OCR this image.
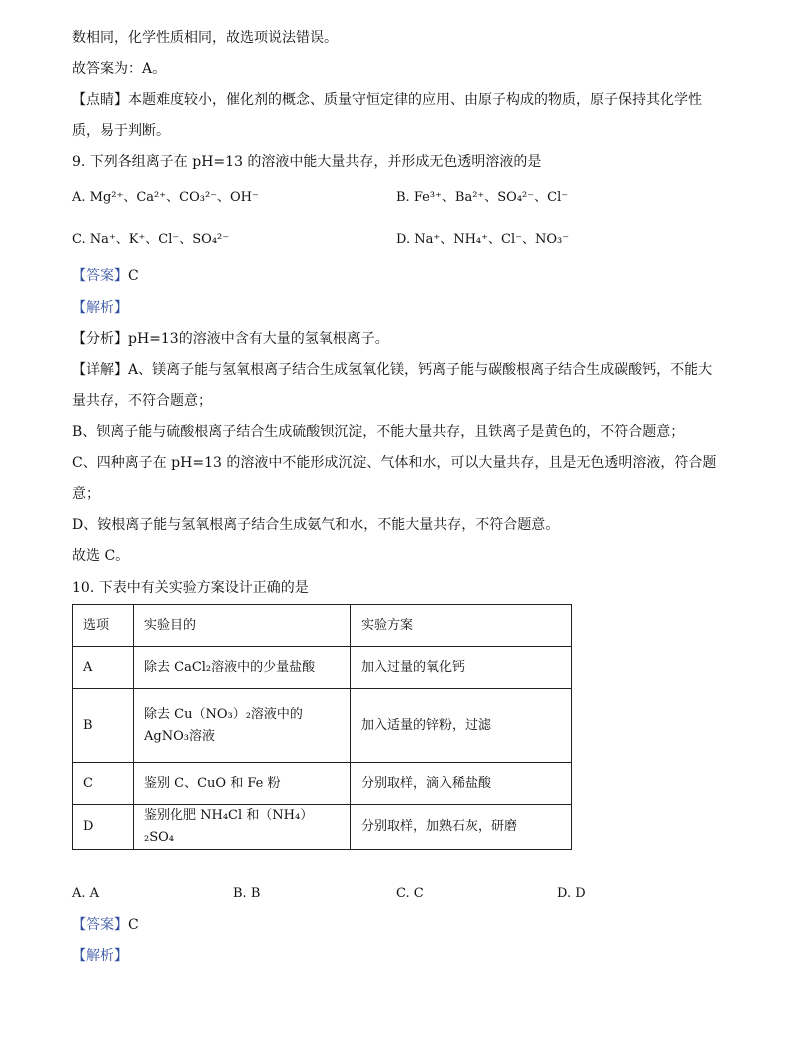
数相同，化学性质相同，故选项说法错误。
故答案为：A。
【点睛】本题难度较小，催化剂的概念、质量守恒定律的应用、由原子构成的物质，原子保持其化学性
质，易于判断。
9. 下列各组离子在 pH=13 的溶液中能大量共存，并形成无色透明溶液的是
A. Mg²⁺、Ca²⁺、CO₃²⁻、OH⁻	B. Fe³⁺、Ba²⁺、SO₄²⁻、Cl⁻
C. Na⁺、K⁺、Cl⁻、SO₄²⁻	D. Na⁺、NH₄⁺、Cl⁻、NO₃⁻
【答案】C
【解析】
【分析】pH=13的溶液中含有大量的氢氧根离子。
【详解】A、镁离子能与氢氧根离子结合生成氢氧化镁，钙离子能与碳酸根离子结合生成碳酸钙，不能大
量共存，不符合题意；
B、钡离子能与硫酸根离子结合生成硫酸钡沉淀，不能大量共存，且铁离子是黄色的，不符合题意；
C、四种离子在 pH=13 的溶液中不能形成沉淀、气体和水，可以大量共存，且是无色透明溶液，符合题
意；
D、铵根离子能与氢氧根离子结合生成氨气和水，不能大量共存，不符合题意。
故选 C。
10. 下表中有关实验方案设计正确的是
选项	实验目的	实验方案
A	除去 CaCl₂溶液中的少量盐酸	加入过量的氧化钙
B	除去 Cu（NO₃）₂溶液中的 AgNO₃溶液	加入适量的锌粉，过滤
C	鉴别 C、CuO 和 Fe 粉	分别取样，滴入稀盐酸
D	鉴别化肥 NH₄Cl 和（NH₄）₂SO₄	分别取样，加熟石灰，研磨
A. A	B. B	C. C	D. D
【答案】C
【解析】
